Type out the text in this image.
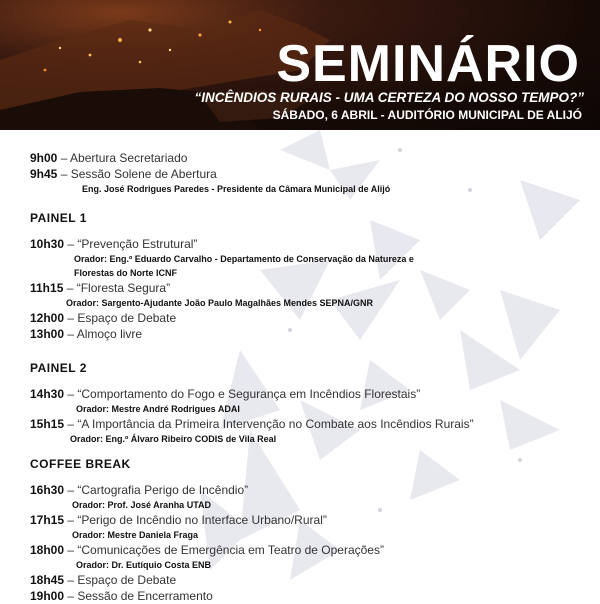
SEMINÁRIO
“INCÊNDIOS RURAIS - UMA CERTEZA DO NOSSO TEMPO?”
SÁBADO, 6 ABRIL - AUDITÓRIO MUNICIPAL DE ALIJÓ
9h00 – Abertura Secretariado
9h45 – Sessão Solene de Abertura
Eng. José Rodrigues Paredes - Presidente da Câmara Municipal de Alijó
PAINEL 1
10h30 – “Prevenção Estrutural”
Orador: Eng.º Eduardo Carvalho - Departamento de Conservação da Natureza e
Florestas do Norte ICNF
11h15 – “Floresta Segura”
Orador: Sargento-Ajudante João Paulo Magalhães Mendes SEPNA/GNR
12h00 – Espaço de Debate
13h00 – Almoço livre
PAINEL 2
14h30 – “Comportamento do Fogo e Segurança em Incêndios Florestais”
Orador: Mestre André Rodrigues ADAI
15h15 – “A Importância da Primeira Intervenção no Combate aos Incêndios Rurais”
Orador: Eng.º Álvaro Ribeiro CODIS de Vila Real
COFFEE BREAK
16h30 – “Cartografia Perigo de Incêndio”
Orador: Prof. José Aranha UTAD
17h15 – “Perigo de Incêndio no Interface Urbano/Rural”
Orador: Mestre Daniela Fraga
18h00 – “Comunicações de Emergência em Teatro de Operações”
Orador: Dr. Eutíquio Costa ENB
18h45 – Espaço de Debate
19h00 – Sessão de Encerramento
